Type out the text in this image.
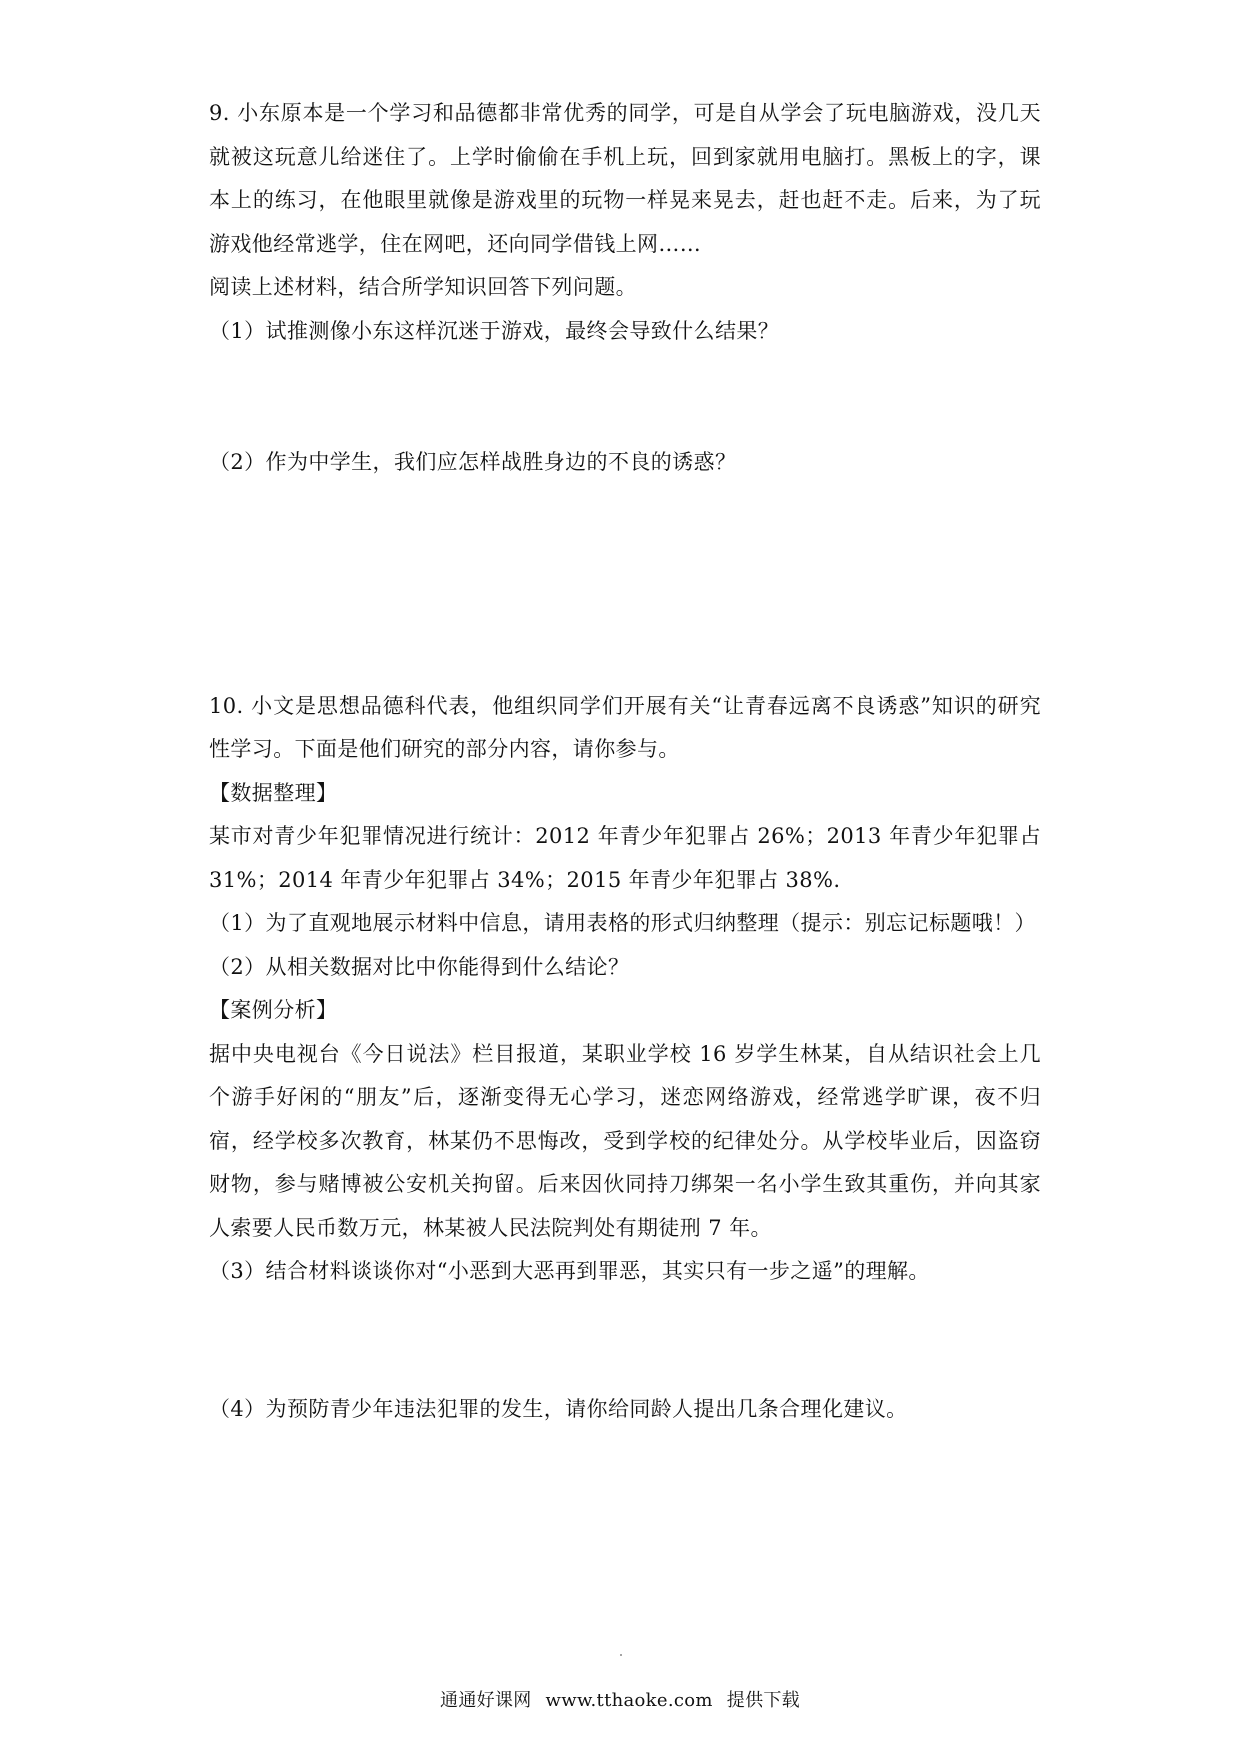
9. 小东原本是一个学习和品德都非常优秀的同学，可是自从学会了玩电脑游戏，没几天就被这玩意儿给迷住了。上学时偷偷在手机上玩，回到家就用电脑打。黑板上的字，课本上的练习，在他眼里就像是游戏里的玩物一样晃来晃去，赶也赶不走。后来，为了玩游戏他经常逃学，住在网吧，还向同学借钱上网……

阅读上述材料，结合所学知识回答下列问题。

（1）试推测像小东这样沉迷于游戏，最终会导致什么结果？

（2）作为中学生，我们应怎样战胜身边的不良的诱惑？

10. 小文是思想品德科代表，他组织同学们开展有关“让青春远离不良诱惑”知识的研究性学习。下面是他们研究的部分内容，请你参与。

【数据整理】

某市对青少年犯罪情况进行统计：2012 年青少年犯罪占 26%；2013 年青少年犯罪占 31%；2014 年青少年犯罪占 34%；2015 年青少年犯罪占 38%.

（1）为了直观地展示材料中信息，请用表格的形式归纳整理（提示：别忘记标题哦！）

（2）从相关数据对比中你能得到什么结论？

【案例分析】

据中央电视台《今日说法》栏目报道，某职业学校 16 岁学生林某，自从结识社会上几个游手好闲的“朋友”后，逐渐变得无心学习，迷恋网络游戏，经常逃学旷课，夜不归宿，经学校多次教育，林某仍不思悔改，受到学校的纪律处分。从学校毕业后，因盗窃财物，参与赌博被公安机关拘留。后来因伙同持刀绑架一名小学生致其重伤，并向其家人索要人民币数万元，林某被人民法院判处有期徒刑 7 年。

（3）结合材料谈谈你对“小恶到大恶再到罪恶，其实只有一步之遥”的理解。

（4）为预防青少年违法犯罪的发生，请你给同龄人提出几条合理化建议。

通通好课网 www.tthaoke.com 提供下载
